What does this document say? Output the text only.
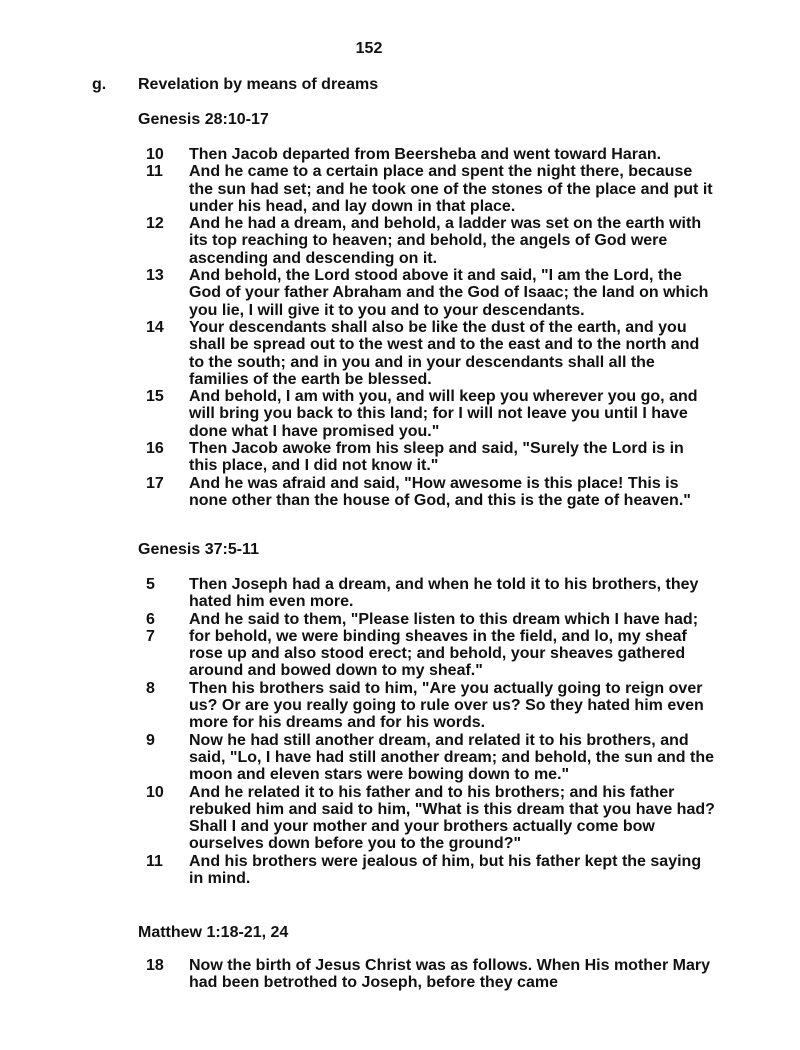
152
g. Revelation by means of dreams
Genesis 28:10-17
10	Then Jacob departed from Beersheba and went toward Haran.
11	And he came to a certain place and spent the night there, because the sun had set; and he took one of the stones of the place and put it under his head, and lay down in that place.
12	And he had a dream, and behold, a ladder was set on the earth with its top reaching to heaven; and behold, the angels of God were ascending and descending on it.
13	And behold, the Lord stood above it and said, "I am the Lord, the God of your father Abraham and the God of Isaac; the land on which you lie, I will give it to you and to your descendants.
14	Your descendants shall also be like the dust of the earth, and you shall be spread out to the west and to the east and to the north and to the south; and in you and in your descendants shall all the families of the earth be blessed.
15	And behold, I am with you, and will keep you wherever you go, and will bring you back to this land; for I will not leave you until I have done what I have promised you."
16	Then Jacob awoke from his sleep and said, "Surely the Lord is in this place, and I did not know it."
17	And he was afraid and said, "How awesome is this place! This is none other than the house of God, and this is the gate of heaven."
Genesis 37:5-11
5	Then Joseph had a dream, and when he told it to his brothers, they hated him even more.
6	And he said to them, "Please listen to this dream which I have had;
7	for behold, we were binding sheaves in the field, and lo, my sheaf rose up and also stood erect; and behold, your sheaves gathered around and bowed down to my sheaf."
8	Then his brothers said to him, "Are you actually going to reign over us? Or are you really going to rule over us? So they hated him even more for his dreams and for his words.
9	Now he had still another dream, and related it to his brothers, and said, "Lo, I have had still another dream; and behold, the sun and the moon and eleven stars were bowing down to me."
10	And he related it to his father and to his brothers; and his father rebuked him and said to him, "What is this dream that you have had? Shall I and your mother and your brothers actually come bow ourselves down before you to the ground?"
11	And his brothers were jealous of him, but his father kept the saying in mind.
Matthew 1:18-21, 24
18	Now the birth of Jesus Christ was as follows. When His mother Mary had been betrothed to Joseph, before they came
